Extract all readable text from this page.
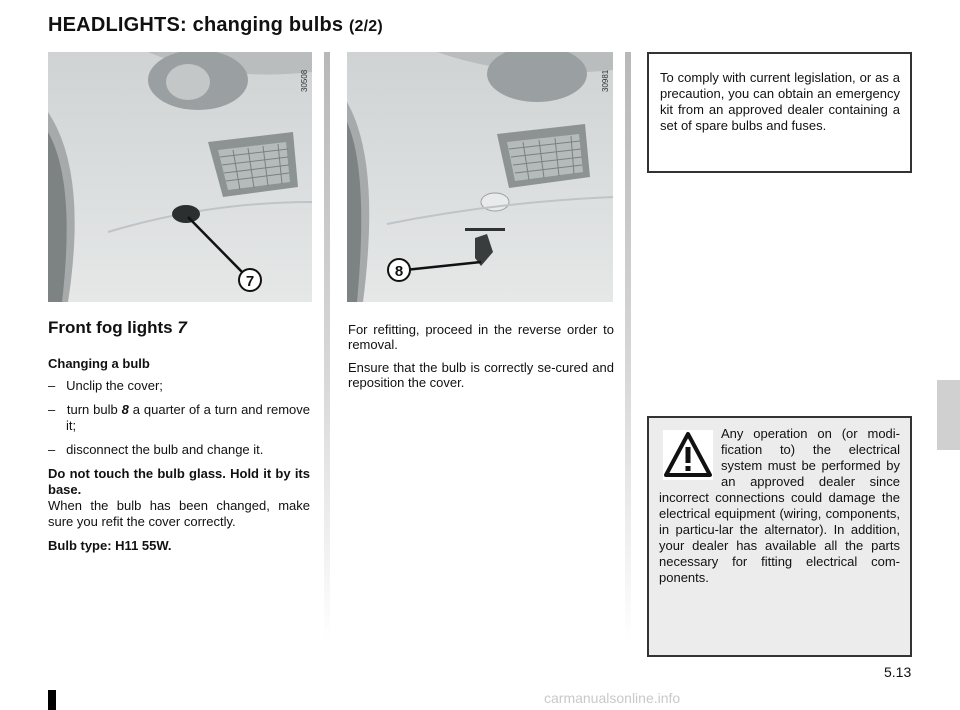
HEADLIGHTS: changing bulbs (2/2)
7
30508
8
30981
Front fog lights 7

Changing a bulb

–   Unclip the cover;

–   turn bulb 8 a quarter of a turn and remove it;

–   disconnect the bulb and change it.

Do not touch the bulb glass. Hold it by its base.

When the bulb has been changed, make sure you refit the cover correctly.

Bulb type: H11 55W.

For refitting, proceed in the reverse order to removal.

Ensure that the bulb is correctly se-cured and reposition the cover.

To comply with current legislation, or as a precaution, you can obtain an emergency kit from an approved dealer containing a set of spare bulbs and fuses.
Any operation on (or modi-fication to) the electrical system must be performed by an approved dealer since incorrect connections could damage the electrical equipment (wiring, components, in particu-lar the alternator). In addition, your dealer has available all the parts necessary for fitting electrical com-ponents.
5.13
carmanualsonline.info
